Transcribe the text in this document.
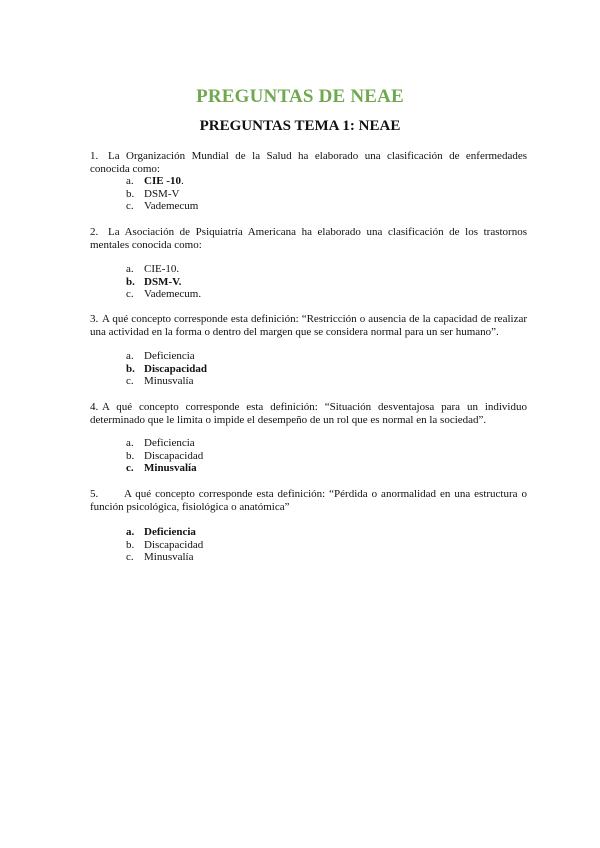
PREGUNTAS DE NEAE
PREGUNTAS TEMA 1: NEAE

1. La Organización Mundial de la Salud ha elaborado una clasificación de enfermedades conocida como:

a. CIE -10.
b. DSM-V
c. Vademecum

2. La Asociación de Psiquiatría Americana ha elaborado una clasificación de los trastornos mentales conocida como:

a. CIE-10.
b. DSM-V.
c. Vademecum.

3. A qué concepto corresponde esta definición: “Restricción o ausencia de la capacidad de realizar una actividad en la forma o dentro del margen que se considera normal para un ser humano”.

a. Deficiencia
b. Discapacidad
c. Minusvalía

4. A qué concepto corresponde esta definición: “Situación desventajosa para un individuo determinado que le limita o impide el desempeño de un rol que es normal en la sociedad”.

a. Deficiencia
b. Discapacidad
c. Minusvalía

5. A qué concepto corresponde esta definición: “Pérdida o anormalidad en una estructura o función psicológica, fisiológica o anatómica”

a. Deficiencia
b. Discapacidad
c. Minusvalía
